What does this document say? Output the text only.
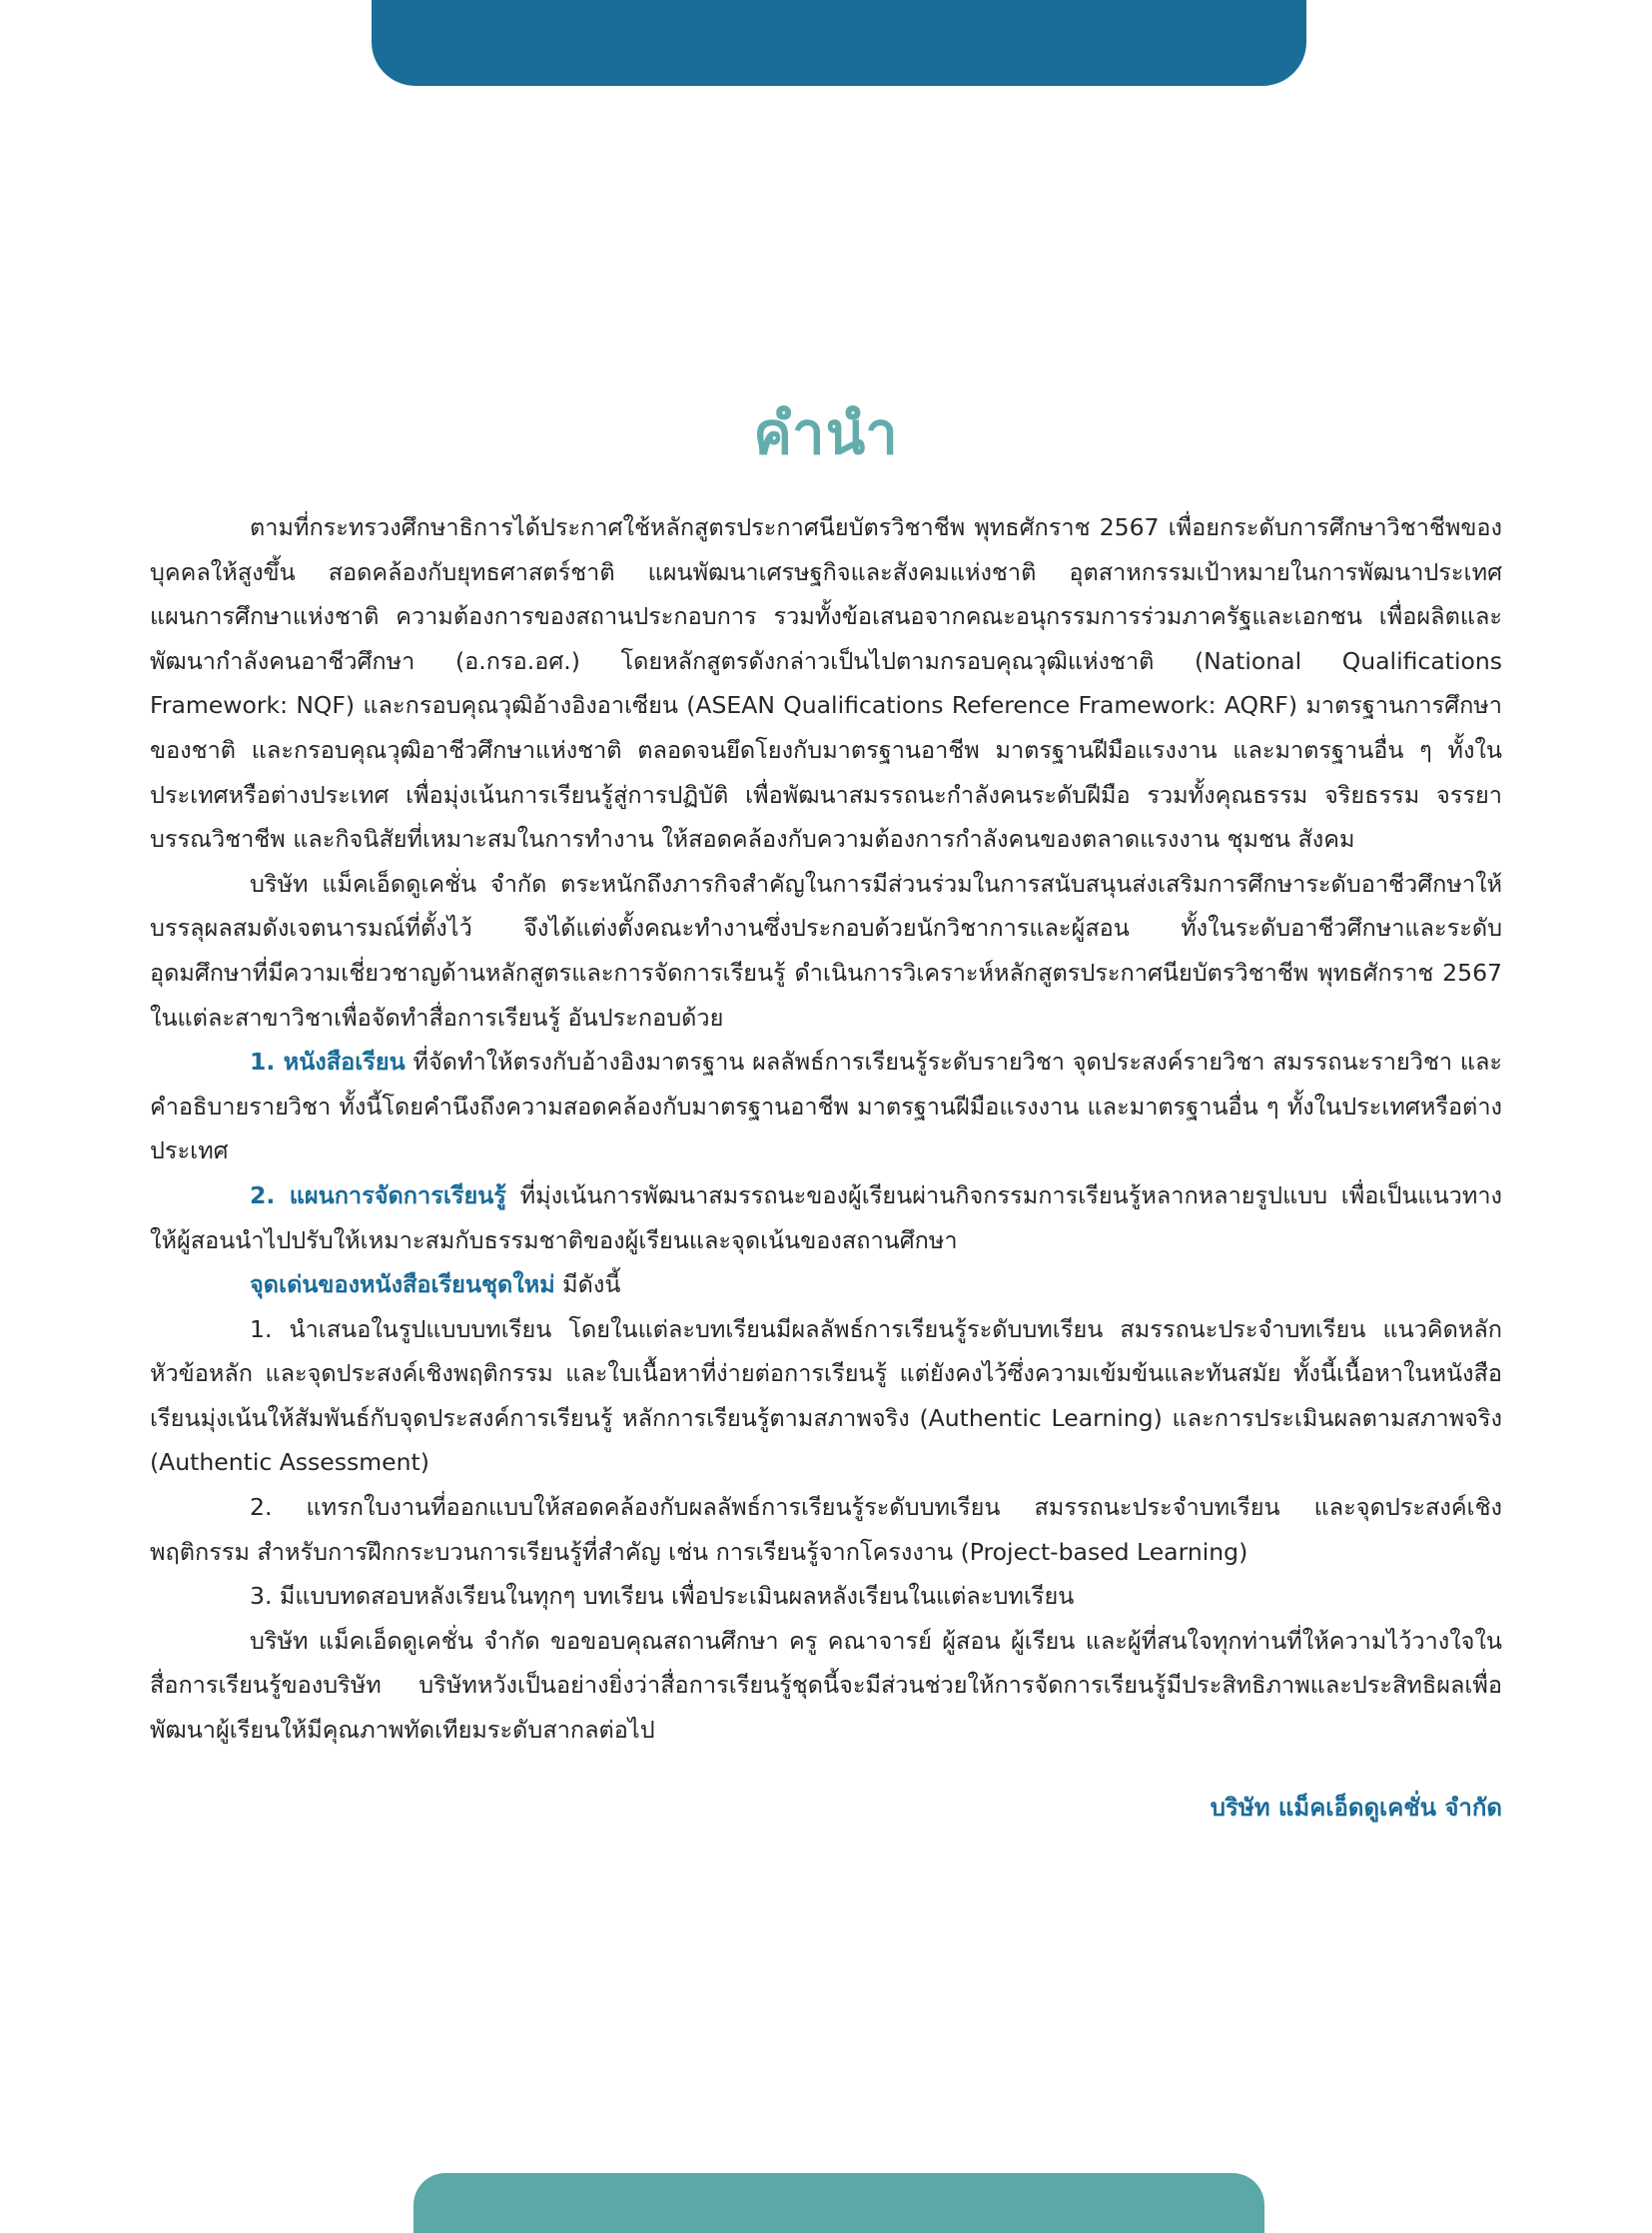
คำนำ

ตามที่กระทรวงศึกษาธิการได้ประกาศใช้หลักสูตรประกาศนียบัตรวิชาชีพ พุทธศักราช 2567 เพื่อยกระดับการศึกษาวิชาชีพของบุคคลให้สูงขึ้น สอดคล้องกับยุทธศาสตร์ชาติ แผนพัฒนาเศรษฐกิจและสังคมแห่งชาติ อุตสาหกรรมเป้าหมายในการพัฒนาประเทศ แผนการศึกษาแห่งชาติ ความต้องการของสถานประกอบการ รวมทั้งข้อเสนอจากคณะอนุกรรมการร่วมภาครัฐและเอกชน เพื่อผลิตและพัฒนากำลังคนอาชีวศึกษา (อ.กรอ.อศ.) โดยหลักสูตรดังกล่าวเป็นไปตามกรอบคุณวุฒิแห่งชาติ (National Qualifications Framework: NQF) และกรอบคุณวุฒิอ้างอิงอาเซียน (ASEAN Qualifications Reference Framework: AQRF) มาตรฐานการศึกษาของชาติ และกรอบคุณวุฒิอาชีวศึกษาแห่งชาติ ตลอดจนยึดโยงกับมาตรฐานอาชีพ มาตรฐานฝีมือแรงงาน และมาตรฐานอื่น ๆ ทั้งในประเทศหรือต่างประเทศ เพื่อมุ่งเน้นการเรียนรู้สู่การปฏิบัติ เพื่อพัฒนาสมรรถนะกำลังคนระดับฝีมือ รวมทั้งคุณธรรม จริยธรรม จรรยาบรรณวิชาชีพ และกิจนิสัยที่เหมาะสมในการทำงาน ให้สอดคล้องกับความต้องการกำลังคนของตลาดแรงงาน ชุมชน สังคม

บริษัท แม็คเอ็ดดูเคชั่น จำกัด ตระหนักถึงภารกิจสำคัญในการมีส่วนร่วมในการสนับสนุนส่งเสริมการศึกษาระดับอาชีวศึกษาให้บรรลุผลสมดังเจตนารมณ์ที่ตั้งไว้ จึงได้แต่งตั้งคณะทำงานซึ่งประกอบด้วยนักวิชาการและผู้สอน ทั้งในระดับอาชีวศึกษาและระดับอุดมศึกษาที่มีความเชี่ยวชาญด้านหลักสูตรและการจัดการเรียนรู้ ดำเนินการวิเคราะห์หลักสูตรประกาศนียบัตรวิชาชีพ พุทธศักราช 2567 ในแต่ละสาขาวิชาเพื่อจัดทำสื่อการเรียนรู้ อันประกอบด้วย

1. หนังสือเรียน ที่จัดทำให้ตรงกับอ้างอิงมาตรฐาน ผลลัพธ์การเรียนรู้ระดับรายวิชา จุดประสงค์รายวิชา สมรรถนะรายวิชา และคำอธิบายรายวิชา ทั้งนี้โดยคำนึงถึงความสอดคล้องกับมาตรฐานอาชีพ มาตรฐานฝีมือแรงงาน และมาตรฐานอื่น ๆ ทั้งในประเทศหรือต่างประเทศ

2. แผนการจัดการเรียนรู้ ที่มุ่งเน้นการพัฒนาสมรรถนะของผู้เรียนผ่านกิจกรรมการเรียนรู้หลากหลายรูปแบบ เพื่อเป็นแนวทางให้ผู้สอนนำไปปรับให้เหมาะสมกับธรรมชาติของผู้เรียนและจุดเน้นของสถานศึกษา

จุดเด่นของหนังสือเรียนชุดใหม่ มีดังนี้

1. นำเสนอในรูปแบบบทเรียน โดยในแต่ละบทเรียนมีผลลัพธ์การเรียนรู้ระดับบทเรียน สมรรถนะประจำบทเรียน แนวคิดหลัก หัวข้อหลัก และจุดประสงค์เชิงพฤติกรรม และใบเนื้อหาที่ง่ายต่อการเรียนรู้ แต่ยังคงไว้ซึ่งความเข้มข้นและทันสมัย ทั้งนี้เนื้อหาในหนังสือเรียนมุ่งเน้นให้สัมพันธ์กับจุดประสงค์การเรียนรู้ หลักการเรียนรู้ตามสภาพจริง (Authentic Learning) และการประเมินผลตามสภาพจริง (Authentic Assessment)

2. แทรกใบงานที่ออกแบบให้สอดคล้องกับผลลัพธ์การเรียนรู้ระดับบทเรียน สมรรถนะประจำบทเรียน และจุดประสงค์เชิงพฤติกรรม สำหรับการฝึกกระบวนการเรียนรู้ที่สำคัญ เช่น การเรียนรู้จากโครงงาน (Project-based Learning)

3. มีแบบทดสอบหลังเรียนในทุกๆ บทเรียน เพื่อประเมินผลหลังเรียนในแต่ละบทเรียน

บริษัท แม็คเอ็ดดูเคชั่น จำกัด ขอขอบคุณสถานศึกษา ครู คณาจารย์ ผู้สอน ผู้เรียน และผู้ที่สนใจทุกท่านที่ให้ความไว้วางใจในสื่อการเรียนรู้ของบริษัท บริษัทหวังเป็นอย่างยิ่งว่าสื่อการเรียนรู้ชุดนี้จะมีส่วนช่วยให้การจัดการเรียนรู้มีประสิทธิภาพและประสิทธิผลเพื่อพัฒนาผู้เรียนให้มีคุณภาพทัดเทียมระดับสากลต่อไป

บริษัท แม็คเอ็ดดูเคชั่น จำกัด
